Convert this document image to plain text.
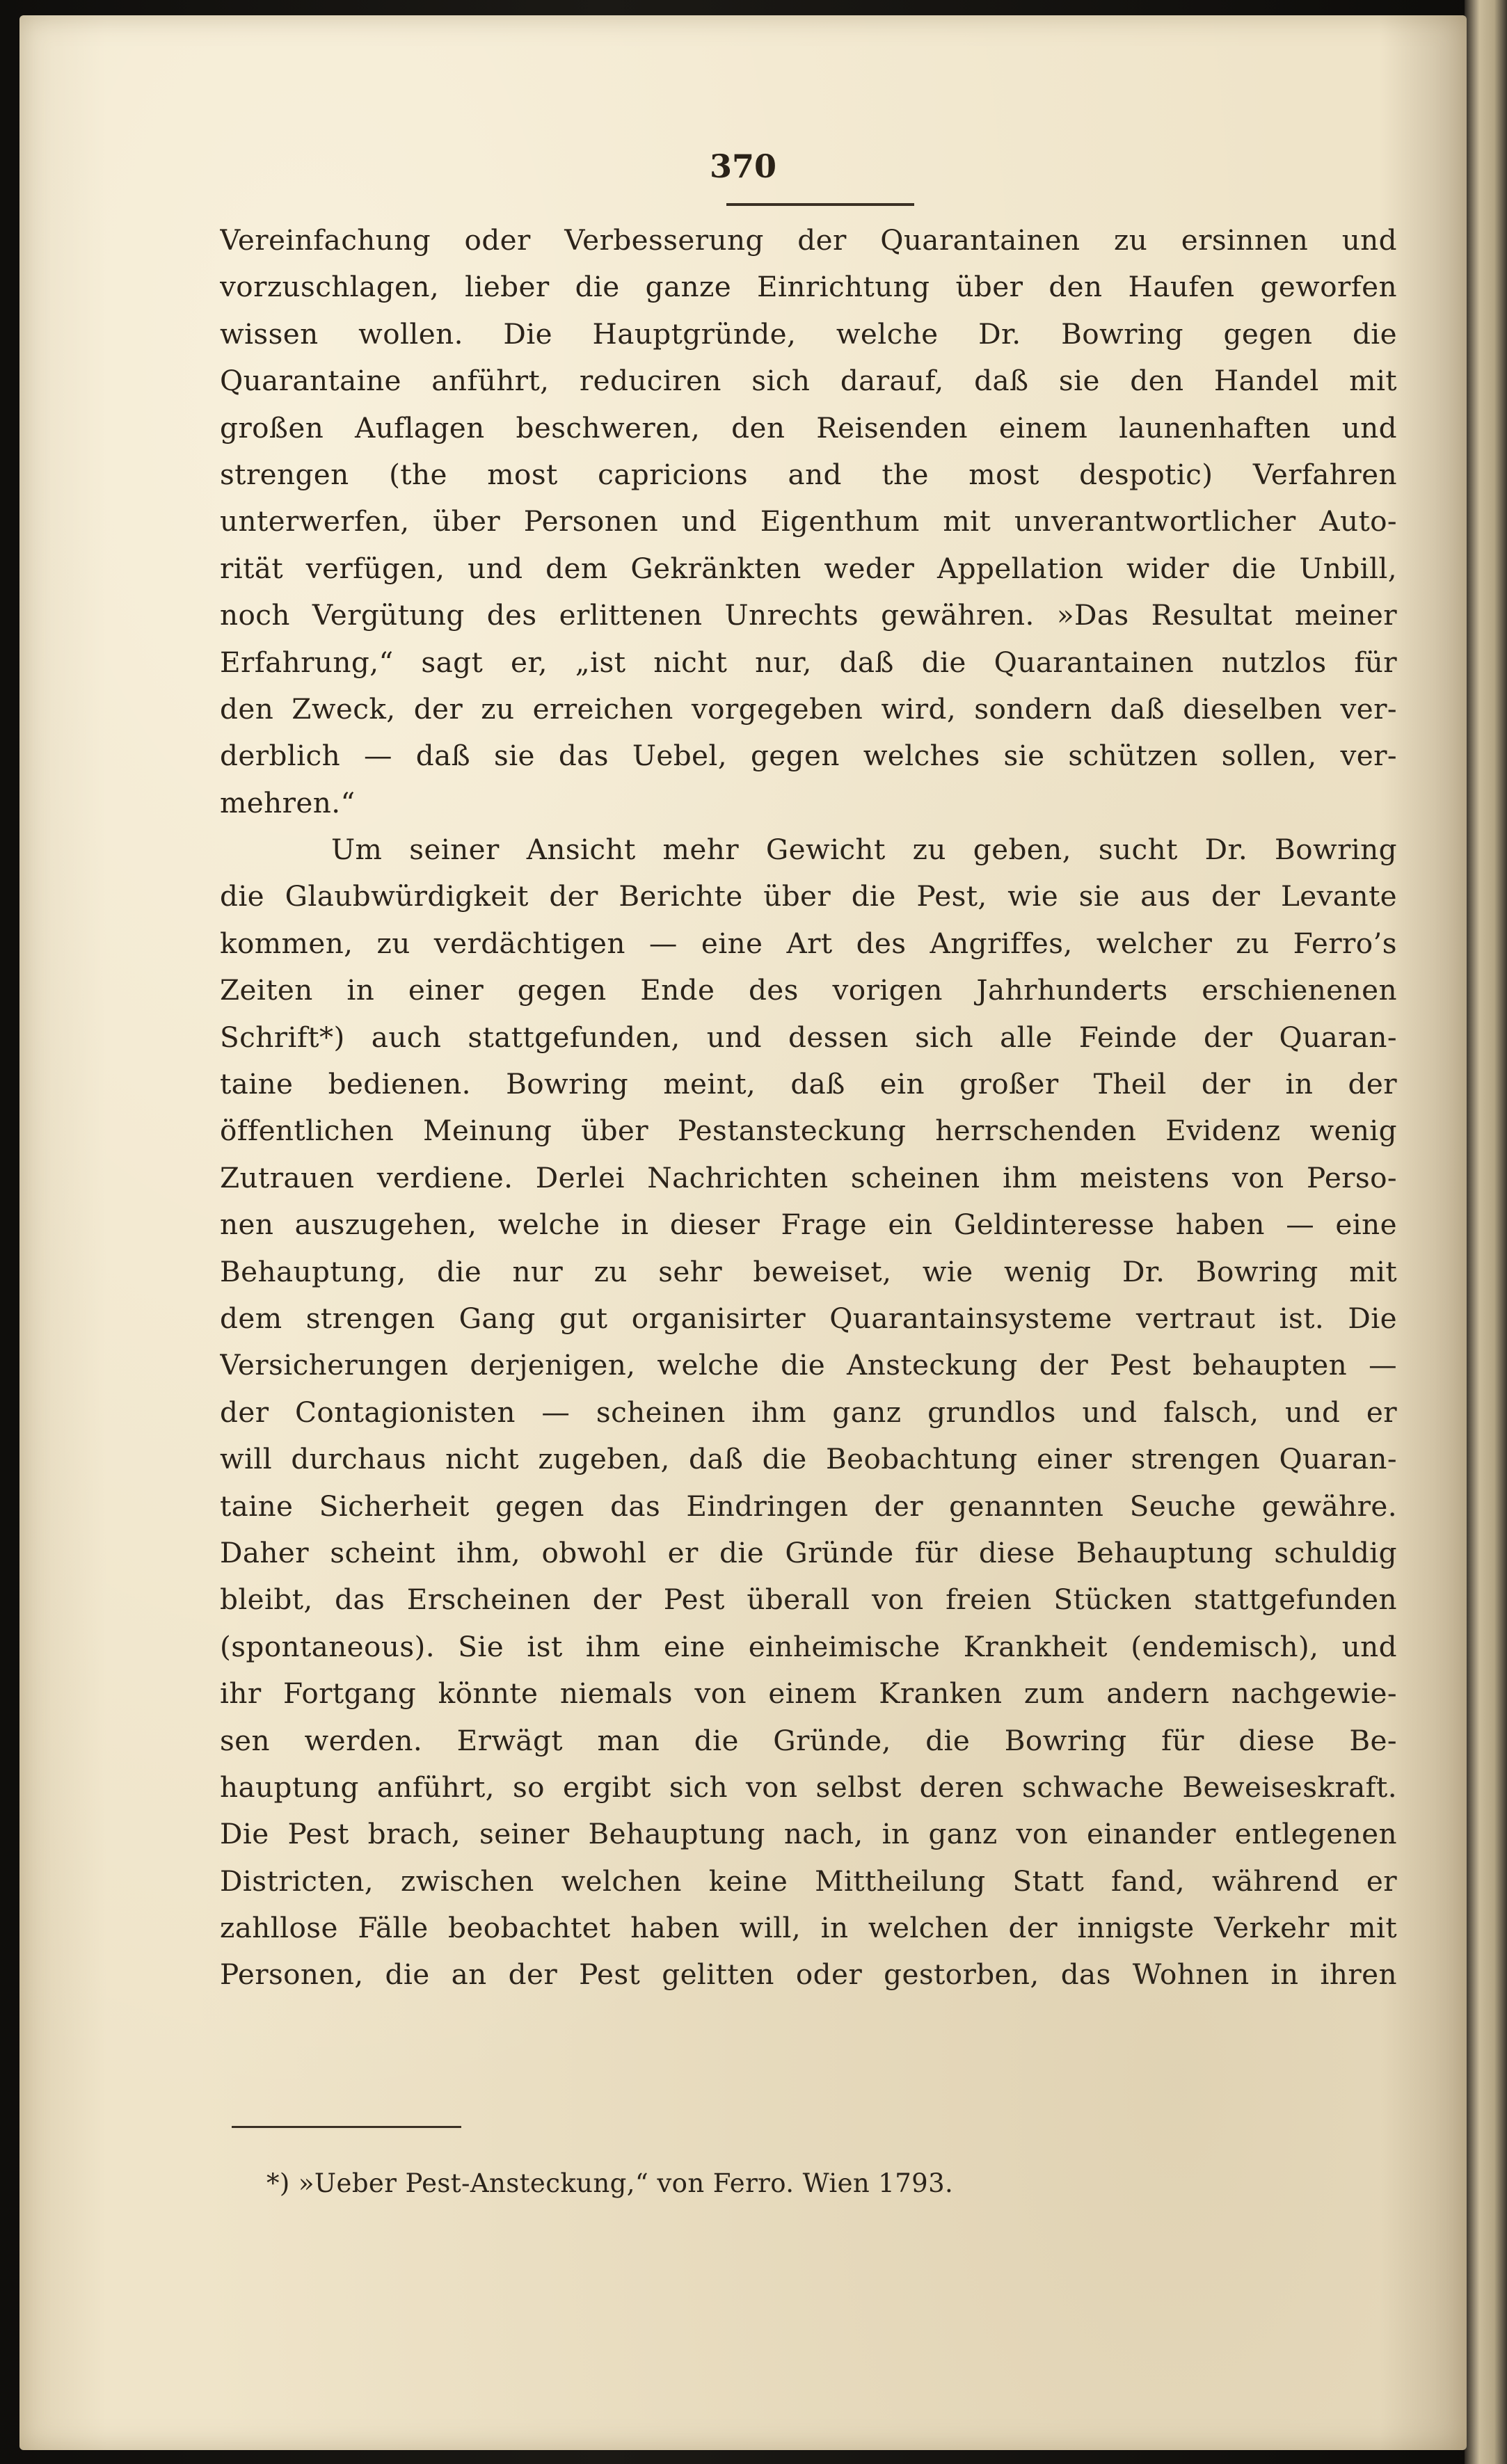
370
Vereinfachung oder Verbesserung der Quarantainen zu ersinnen und
vorzuschlagen, lieber die ganze Einrichtung über den Haufen geworfen
wissen wollen. Die Hauptgründe, welche Dr. Bowring gegen die
Quarantaine anführt, reduciren sich darauf, daß sie den Handel mit
großen Auflagen beschweren, den Reisenden einem launenhaften und
strengen (the most capricions and the most despotic) Verfahren
unterwerfen, über Personen und Eigenthum mit unverantwortlicher Auto-
rität verfügen, und dem Gekränkten weder Appellation wider die Unbill,
noch Vergütung des erlittenen Unrechts gewähren. »Das Resultat meiner
Erfahrung,“ sagt er, „ist nicht nur, daß die Quarantainen nutzlos für
den Zweck, der zu erreichen vorgegeben wird, sondern daß dieselben ver-
derblich — daß sie das Uebel, gegen welches sie schützen sollen, ver-
mehren.“
Um seiner Ansicht mehr Gewicht zu geben, sucht Dr. Bowring
die Glaubwürdigkeit der Berichte über die Pest, wie sie aus der Levante
kommen, zu verdächtigen — eine Art des Angriffes, welcher zu Ferro’s
Zeiten in einer gegen Ende des vorigen Jahrhunderts erschienenen
Schrift*) auch stattgefunden, und dessen sich alle Feinde der Quaran-
taine bedienen. Bowring meint, daß ein großer Theil der in der
öffentlichen Meinung über Pestansteckung herrschenden Evidenz wenig
Zutrauen verdiene. Derlei Nachrichten scheinen ihm meistens von Perso-
nen auszugehen, welche in dieser Frage ein Geldinteresse haben — eine
Behauptung, die nur zu sehr beweiset, wie wenig Dr. Bowring mit
dem strengen Gang gut organisirter Quarantainsysteme vertraut ist. Die
Versicherungen derjenigen, welche die Ansteckung der Pest behaupten —
der Contagionisten — scheinen ihm ganz grundlos und falsch, und er
will durchaus nicht zugeben, daß die Beobachtung einer strengen Quaran-
taine Sicherheit gegen das Eindringen der genannten Seuche gewähre.
Daher scheint ihm, obwohl er die Gründe für diese Behauptung schuldig
bleibt, das Erscheinen der Pest überall von freien Stücken stattgefunden
(spontaneous). Sie ist ihm eine einheimische Krankheit (endemisch), und
ihr Fortgang könnte niemals von einem Kranken zum andern nachgewie-
sen werden. Erwägt man die Gründe, die Bowring für diese Be-
hauptung anführt, so ergibt sich von selbst deren schwache Beweiseskraft.
Die Pest brach, seiner Behauptung nach, in ganz von einander entlegenen
Districten, zwischen welchen keine Mittheilung Statt fand, während er
zahllose Fälle beobachtet haben will, in welchen der innigste Verkehr mit
Personen, die an der Pest gelitten oder gestorben, das Wohnen in ihren
*) »Ueber Pest-Ansteckung,“ von Ferro. Wien 1793.
